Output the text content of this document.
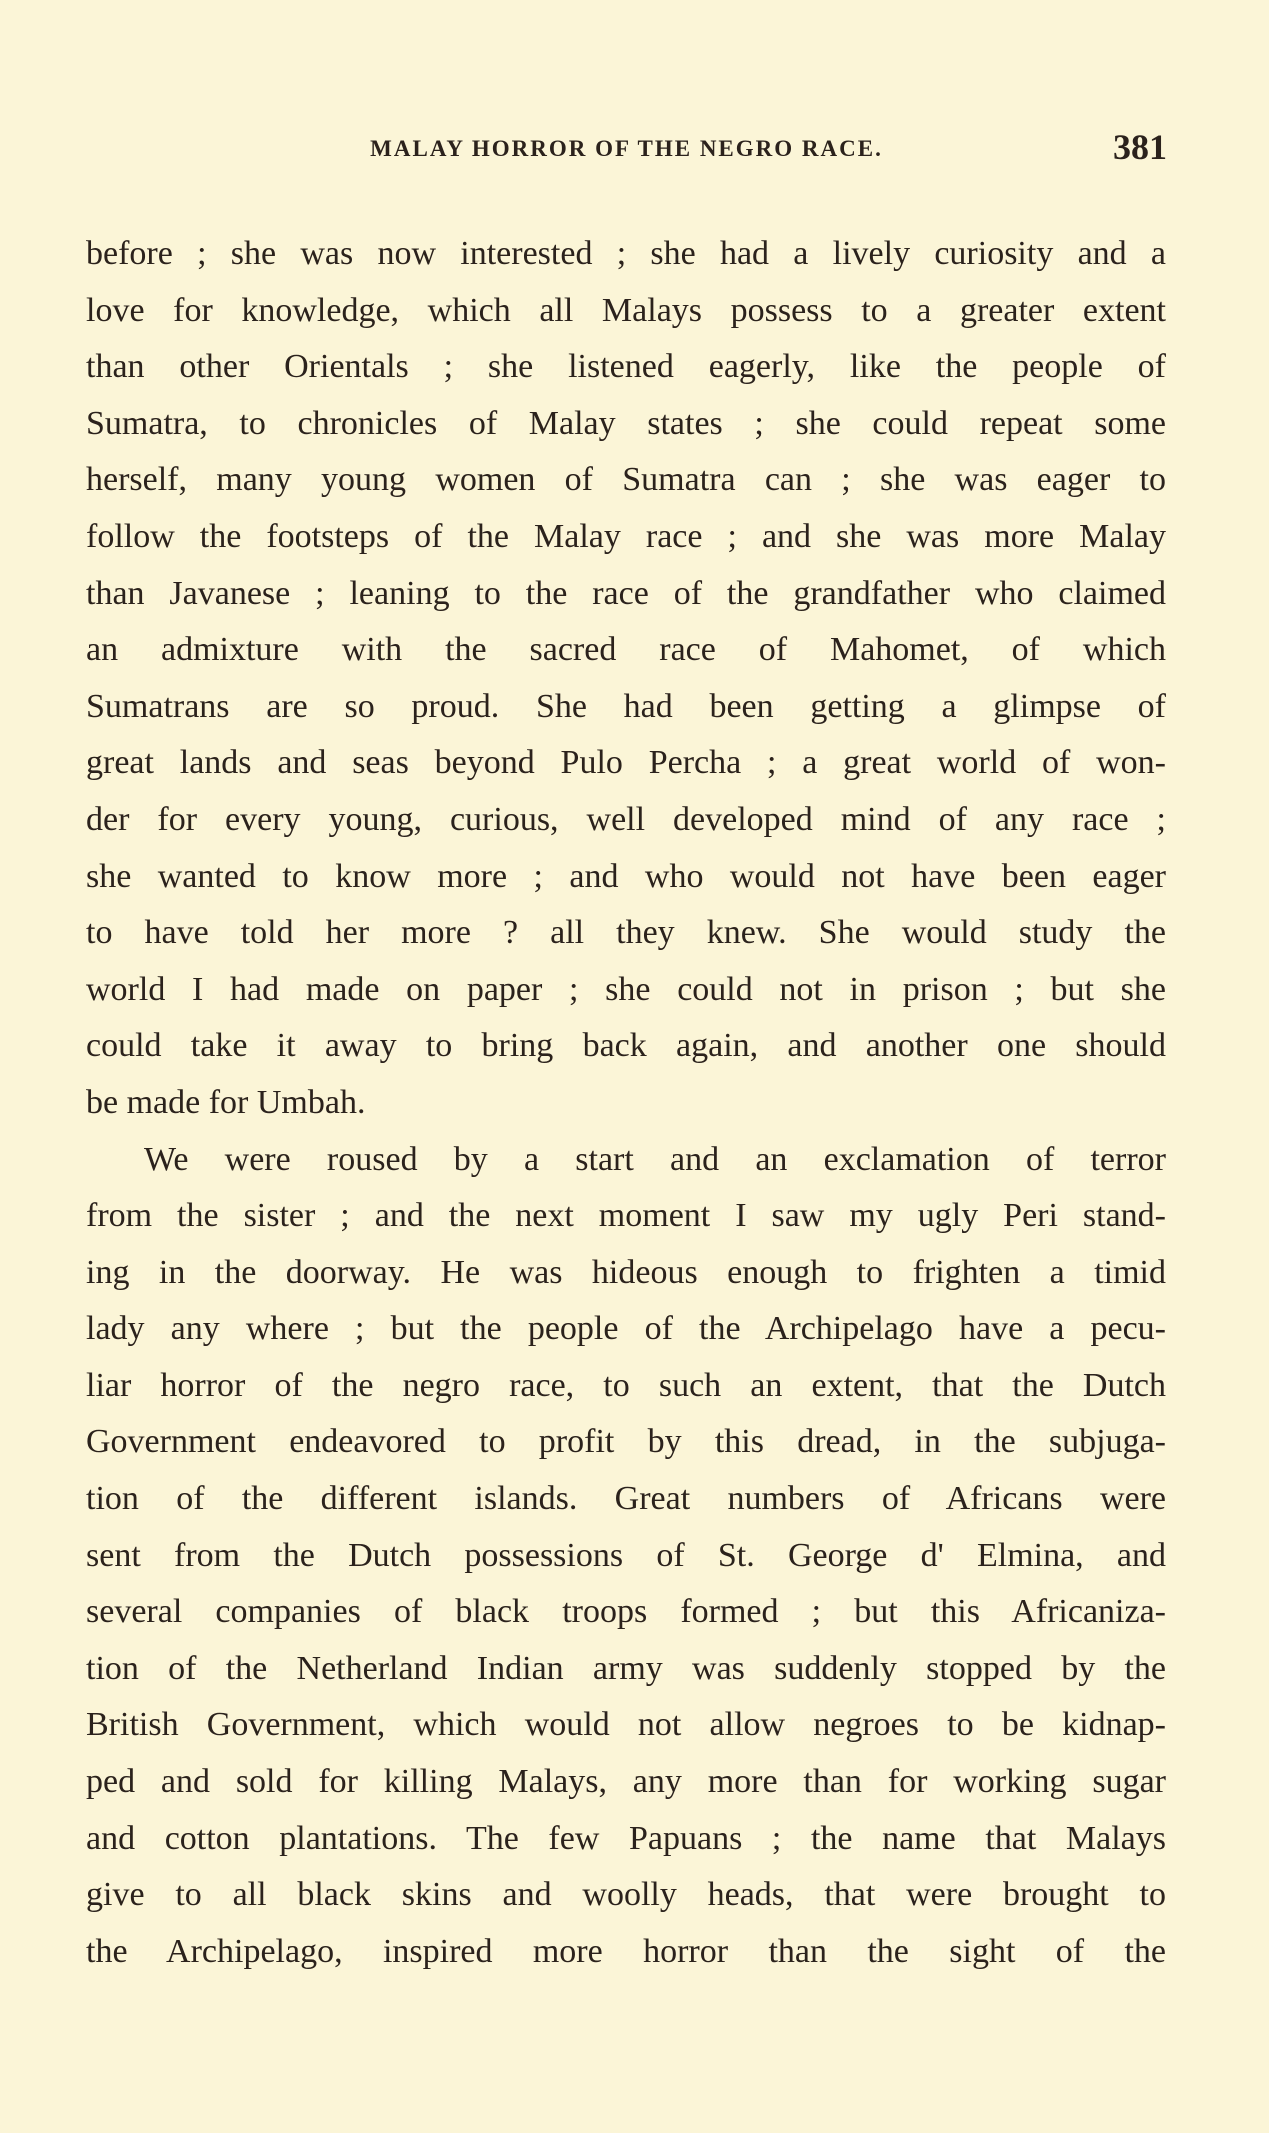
MALAY HORROR OF THE NEGRO RACE.	381
before ; she was now interested ; she had a lively curiosity and a
love for knowledge, which all Malays possess to a greater extent
than other Orientals ; she listened eagerly, like the people of
Sumatra, to chronicles of Malay states ; she could repeat some
herself, many young women of Sumatra can ; she was eager to
follow the footsteps of the Malay race ; and she was more Malay
than Javanese ; leaning to the race of the grandfather who claimed
an admixture with the sacred race of Mahomet, of which
Sumatrans are so proud. She had been getting a glimpse of
great lands and seas beyond Pulo Percha ; a great world of won-
der for every young, curious, well developed mind of any race ;
she wanted to know more ; and who would not have been eager
to have told her more ? all they knew. She would study the
world I had made on paper ; she could not in prison ; but she
could take it away to bring back again, and another one should
be made for Umbah.
We were roused by a start and an exclamation of terror
from the sister ; and the next moment I saw my ugly Peri stand-
ing in the doorway. He was hideous enough to frighten a timid
lady any where ; but the people of the Archipelago have a pecu-
liar horror of the negro race, to such an extent, that the Dutch
Government endeavored to profit by this dread, in the subjuga-
tion of the different islands. Great numbers of Africans were
sent from the Dutch possessions of St. George d' Elmina, and
several companies of black troops formed ; but this Africaniza-
tion of the Netherland Indian army was suddenly stopped by the
British Government, which would not allow negroes to be kidnap-
ped and sold for killing Malays, any more than for working sugar
and cotton plantations. The few Papuans ; the name that Malays
give to all black skins and woolly heads, that were brought to
the Archipelago, inspired more horror than the sight of the
